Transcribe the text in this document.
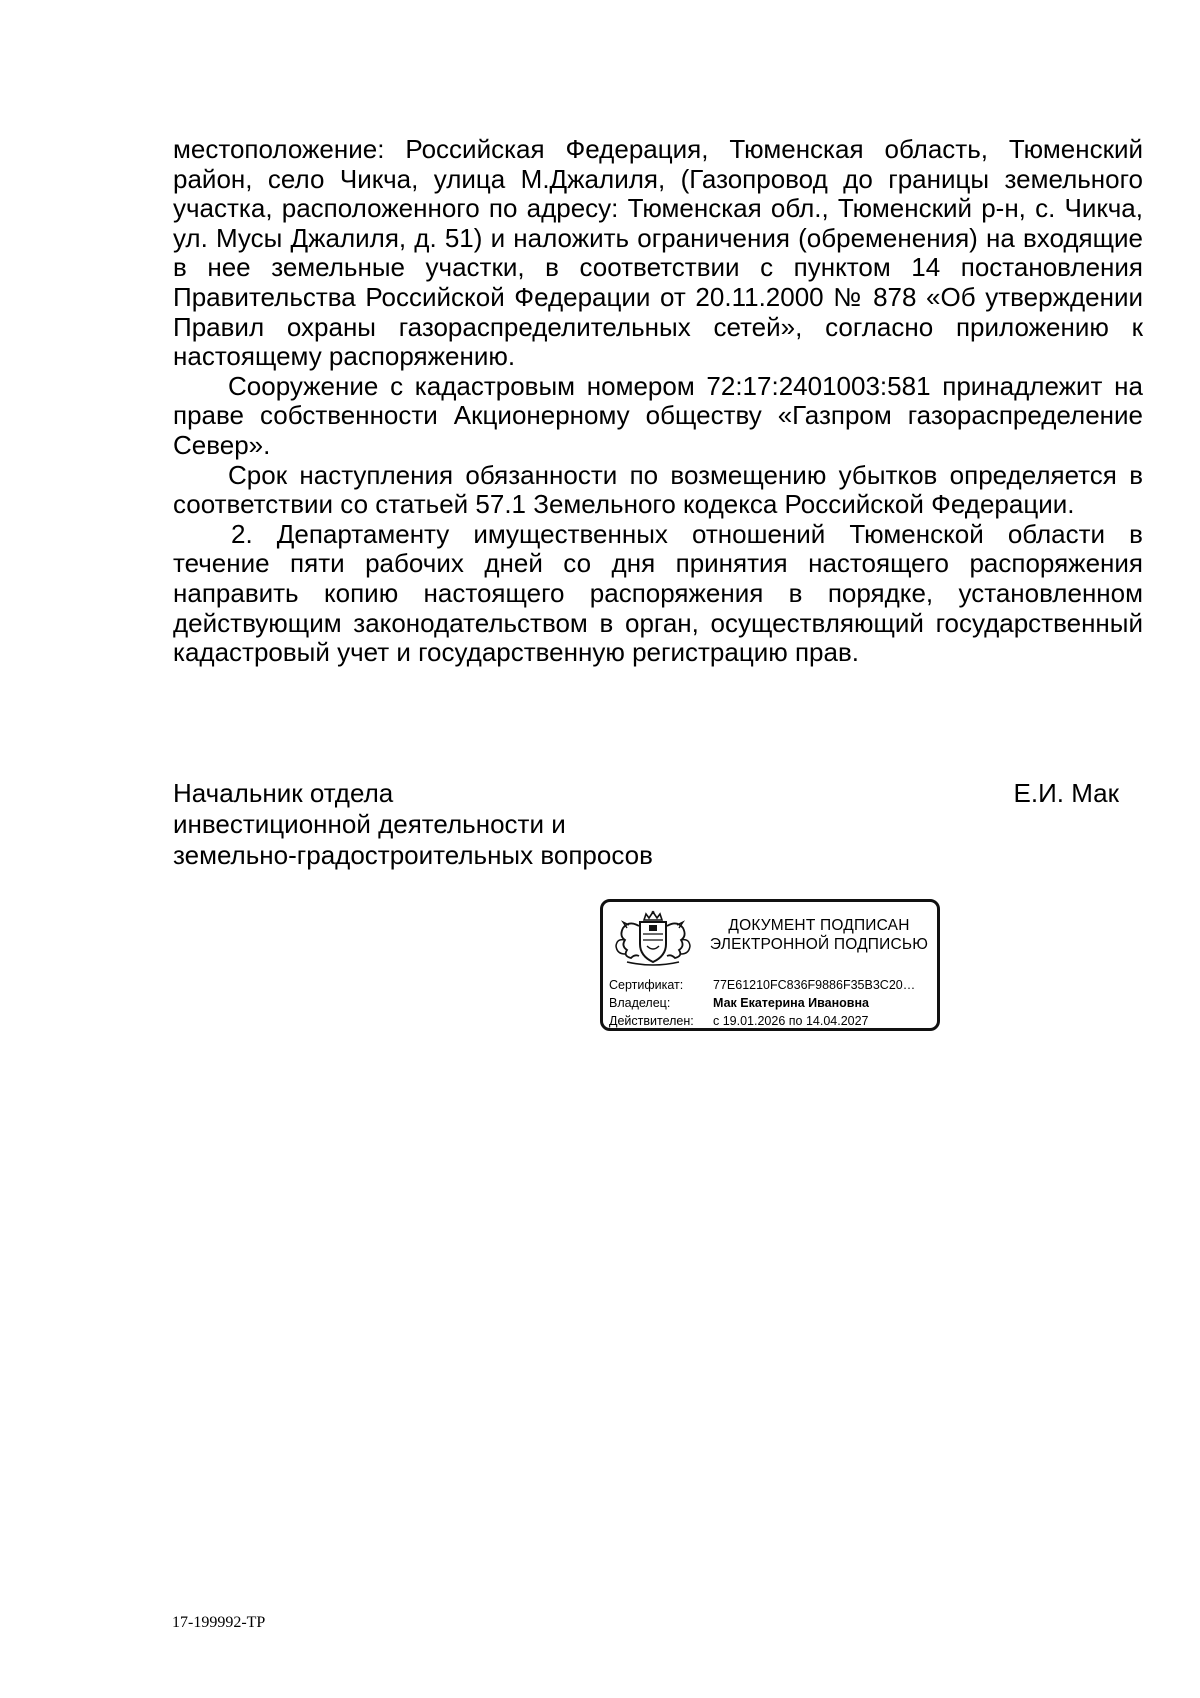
местоположение: Российская Федерация, Тюменская область, Тюменский район, село Чикча, улица М.Джалиля, (Газопровод до границы земельного участка, расположенного по адресу: Тюменская обл., Тюменский р-н, с. Чикча, ул. Мусы Джалиля, д. 51) и наложить ограничения (обременения) на входящие в нее земельные участки, в соответствии с пунктом 14 постановления Правительства Российской Федерации от 20.11.2000 № 878 «Об утверждении Правил охраны газораспределительных сетей», согласно приложению к настоящему распоряжению.

Сооружение с кадастровым номером 72:17:2401003:581 принадлежит на праве собственности Акционерному обществу «Газпром газораспределение Север».

Срок наступления обязанности по возмещению убытков определяется в соответствии со статьей 57.1 Земельного кодекса Российской Федерации.

2. Департаменту имущественных отношений Тюменской области в течение пяти рабочих дней со дня принятия настоящего распоряжения направить копию настоящего распоряжения в порядке, установленном действующим законодательством в орган, осуществляющий государственный кадастровый учет и государственную регистрацию прав.

Начальник отдела
инвестиционной деятельности и
земельно-градостроительных вопросов
Е.И. Мак
ДОКУМЕНТ ПОДПИСАН
ЭЛЕКТРОННОЙ ПОДПИСЬЮ
Сертификат:	77E61210FC836F9886F35B3C20…
Владелец:	Мак Екатерина Ивановна
Действителен:	с 19.01.2026 по 14.04.2027
17-199992-ТР
